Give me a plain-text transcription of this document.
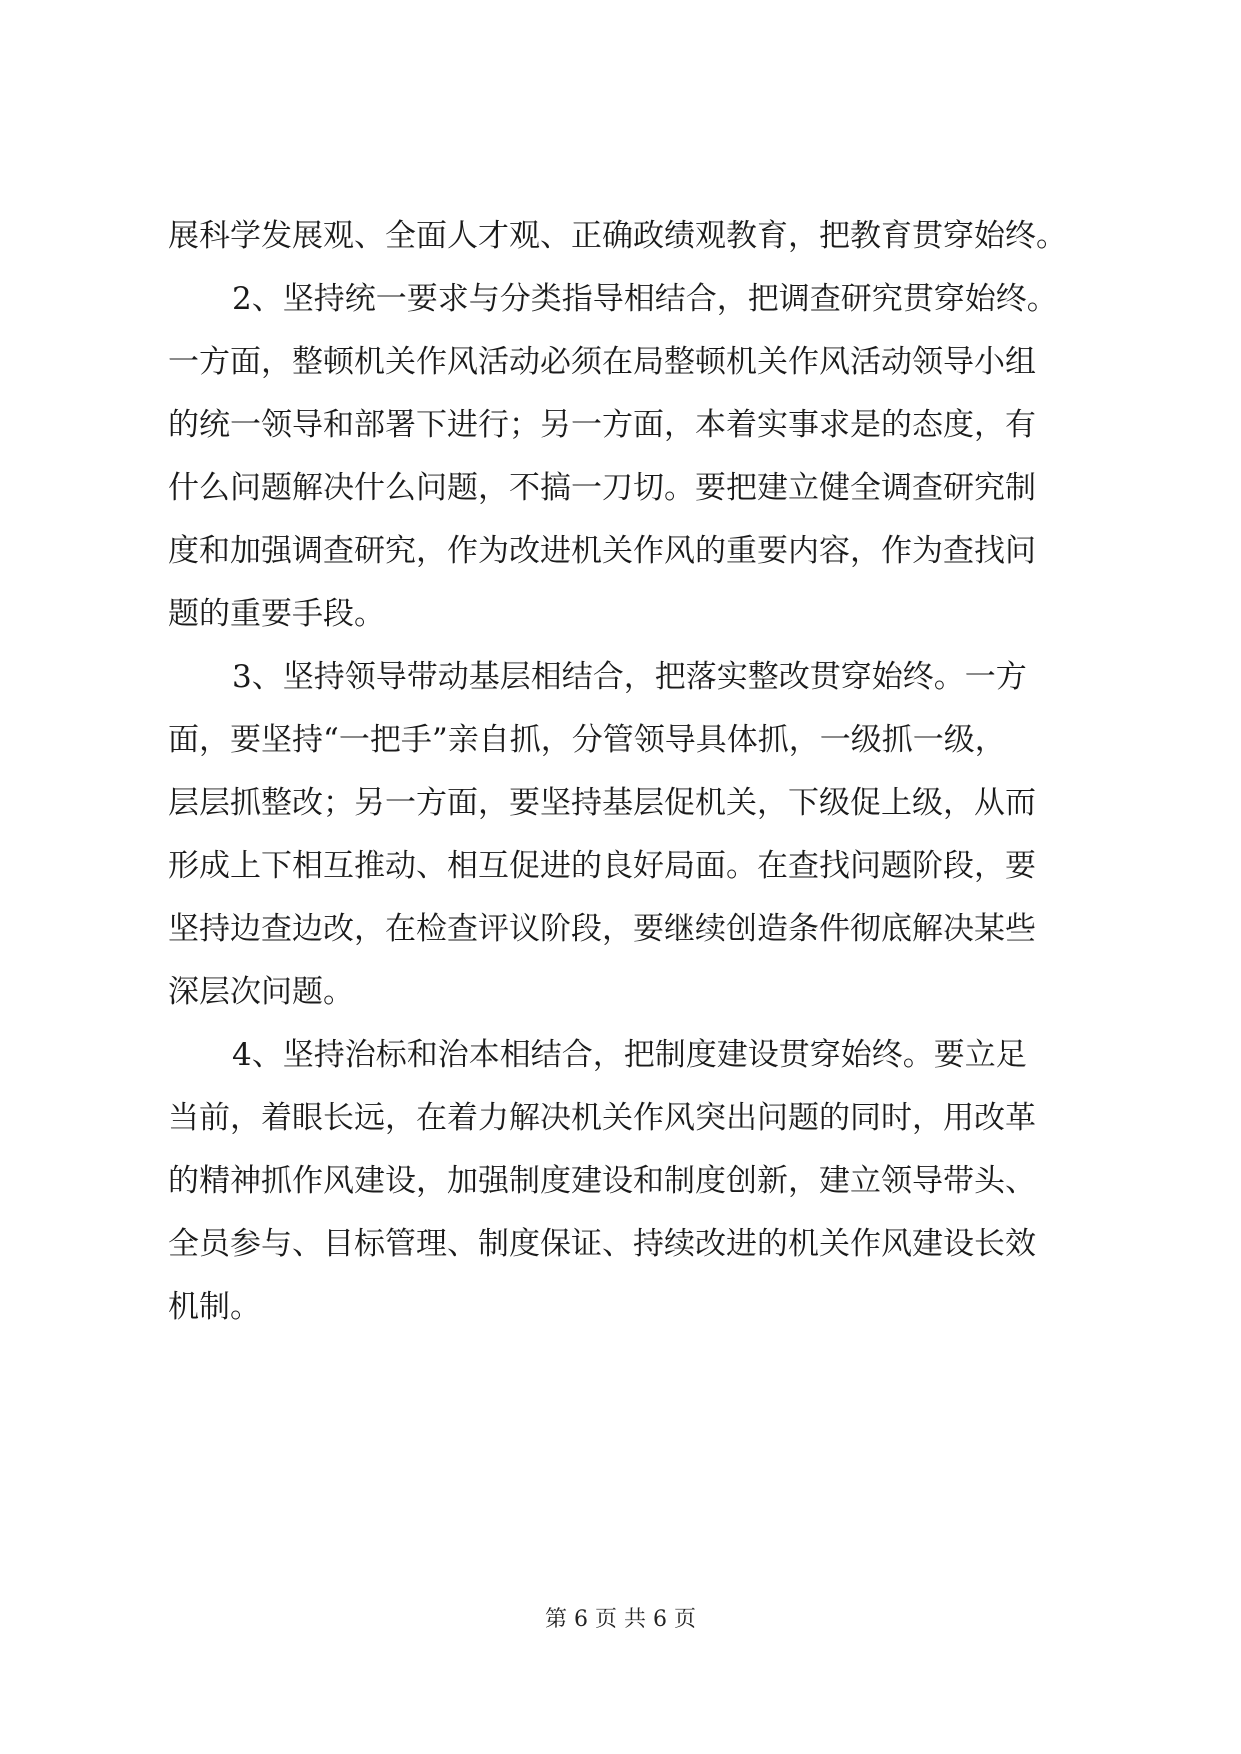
展科学发展观、全面人才观、正确政绩观教育，把教育贯穿始终。
2、坚持统一要求与分类指导相结合，把调查研究贯穿始终。
一方面，整顿机关作风活动必须在局整顿机关作风活动领导小组
的统一领导和部署下进行；另一方面，本着实事求是的态度，有
什么问题解决什么问题，不搞一刀切。要把建立健全调查研究制
度和加强调查研究，作为改进机关作风的重要内容，作为查找问
题的重要手段。
3、坚持领导带动基层相结合，把落实整改贯穿始终。一方
面，要坚持“一把手”亲自抓，分管领导具体抓，一级抓一级，
层层抓整改；另一方面，要坚持基层促机关，下级促上级，从而
形成上下相互推动、相互促进的良好局面。在查找问题阶段，要
坚持边查边改，在检查评议阶段，要继续创造条件彻底解决某些
深层次问题。
4、坚持治标和治本相结合，把制度建设贯穿始终。要立足
当前，着眼长远，在着力解决机关作风突出问题的同时，用改革
的精神抓作风建设，加强制度建设和制度创新，建立领导带头、
全员参与、目标管理、制度保证、持续改进的机关作风建设长效
机制。
第 6 页 共 6 页
